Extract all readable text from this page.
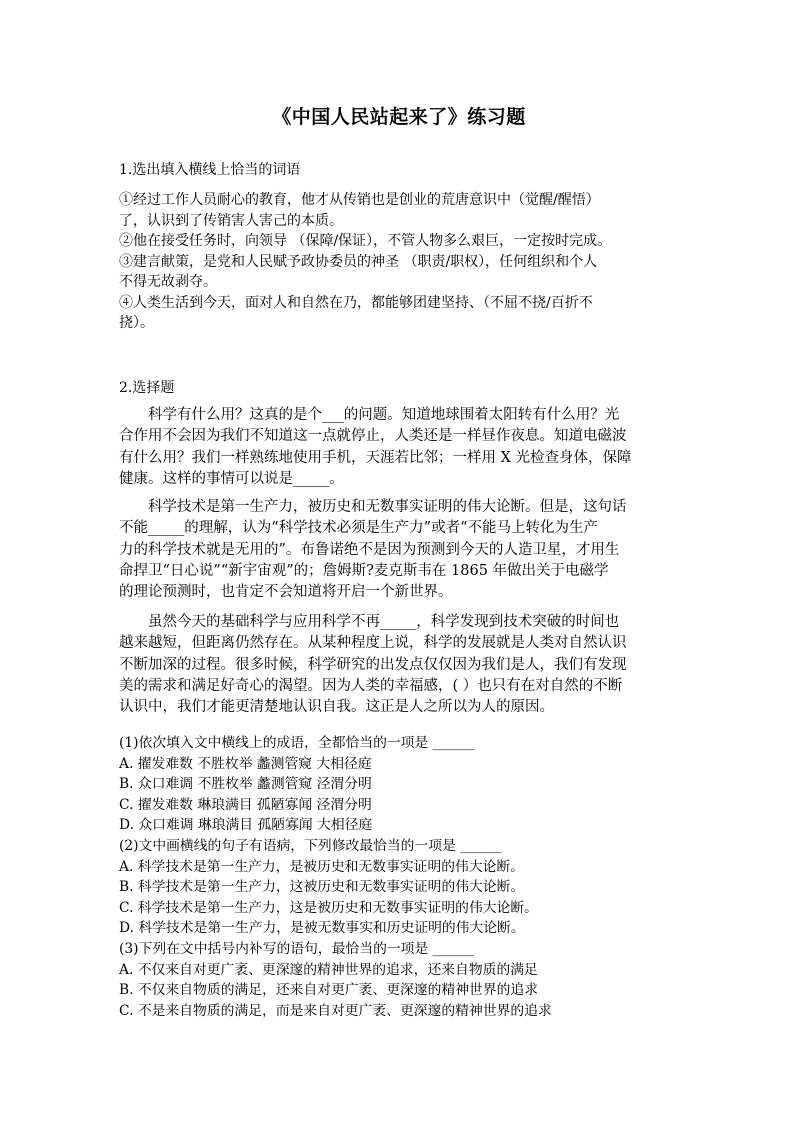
《中国人民站起来了》练习题
1.选出填入横线上恰当的词语
①经过工作人员耐心的教育，他才从传销也是创业的荒唐意识中（觉醒/醒悟）
了，认识到了传销害人害己的本质。
②他在接受任务时，向领导 （保障/保证），不管人物多么艰巨，一定按时完成。
③建言献策，是党和人民赋予政协委员的神圣 （职责/职权），任何组织和个人
不得无故剥夺。
④人类生活到今天，面对人和自然在乃，都能够团建坚持、（不屈不挠/百折不
挠）。
2.选择题
　　科学有什么用？这真的是个___的问题。知道地球围着太阳转有什么用？光
合作用不会因为我们不知道这一点就停止，人类还是一样昼作夜息。知道电磁波
有什么用？我们一样熟练地使用手机，天涯若比邻；一样用 X 光检查身体，保障
健康。这样的事情可以说是_____。
　　科学技术是第一生产力，被历史和无数事实证明的伟大论断。但是，这句话
不能_____的理解，认为“科学技术必须是生产力”或者“不能马上转化为生产
力的科学技术就是无用的”。布鲁诺绝不是因为预测到今天的人造卫星，才用生
命捍卫“日心说”“新宇宙观”的；詹姆斯?麦克斯韦在 1865 年做出关于电磁学
的理论预测时，也肯定不会知道将开启一个新世界。
　　虽然今天的基础科学与应用科学不再_____，科学发现到技术突破的时间也
越来越短，但距离仍然存在。从某种程度上说，科学的发展就是人类对自然认识
不断加深的过程。很多时候，科学研究的出发点仅仅因为我们是人，我们有发现
美的需求和满足好奇心的渴望。因为人类的幸福感，( ）也只有在对自然的不断
认识中，我们才能更清楚地认识自我。这正是人之所以为人的原因。
(1)依次填入文中横线上的成语，全都恰当的一项是 ______
A. 擢发难数 不胜枚举 蠡测管窥 大相径庭
B. 众口难调 不胜枚举 蠡测管窥 泾渭分明
C. 擢发难数 琳琅满目 孤陋寡闻 泾渭分明
D. 众口难调 琳琅满目 孤陋寡闻 大相径庭
(2)文中画横线的句子有语病，下列修改最恰当的一项是 ______
A. 科学技术是第一生产力，是被历史和无数事实证明的伟大论断。
B. 科学技术是第一生产力，这被历史和无数事实证明的伟大论断。
C. 科学技术是第一生产力，这是被历史和无数事实证明的伟大论断。
D. 科学技术是第一生产力，是被无数事实和历史证明的伟大论断。
(3)下列在文中括号内补写的语句，最恰当的一项是 ______
A. 不仅来自对更广袤、更深邃的精神世界的追求，还来自物质的满足
B. 不仅来自物质的满足，还来自对更广袤、更深邃的精神世界的追求
C. 不是来自物质的满足，而是来自对更广袤、更深邃的精神世界的追求
